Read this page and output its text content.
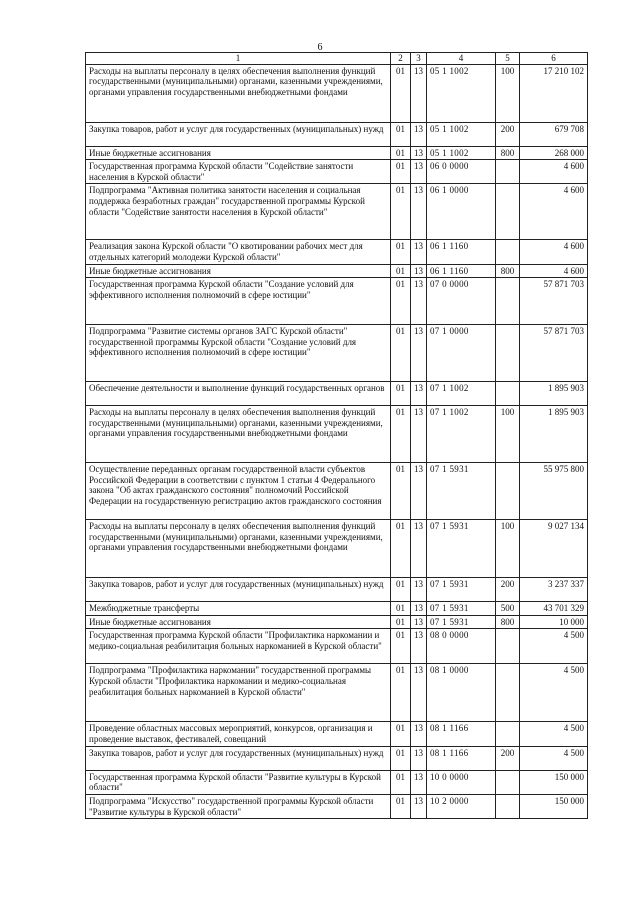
6
1	2	3	4	5	6
Расходы на выплаты персоналу в целях обеспечения выполнения функций государственными (муниципальными) органами, казенными учреждениями, органами управления государственными внебюджетными фондами	01	13	05 1 1002	100	17 210 102
Закупка товаров, работ и услуг для государственных (муниципальных) нужд	01	13	05 1 1002	200	679 708
Иные бюджетные ассигнования	01	13	05 1 1002	800	268 000
Государственная программа Курской области "Содействие занятости населения в Курской области"	01	13	06 0 0000		4 600
Подпрограмма "Активная политика занятости населения и социальная поддержка безработных граждан" государственной программы Курской области "Содействие занятости населения в Курской области"	01	13	06 1 0000		4 600
Реализация закона Курской области "О квотировании рабочих мест для отдельных категорий молодежи Курской области"	01	13	06 1 1160		4 600
Иные бюджетные ассигнования	01	13	06 1 1160	800	4 600
Государственная программа Курской области "Создание условий для эффективного исполнения полномочий в сфере юстиции"	01	13	07 0 0000		57 871 703
Подпрограмма "Развитие системы органов ЗАГС Курской области" государственной программы Курской области "Создание условий для эффективного исполнения полномочий в сфере юстиции"	01	13	07 1 0000		57 871 703
Обеспечение деятельности и выполнение функций государственных органов	01	13	07 1 1002		1 895 903
Расходы на выплаты персоналу в целях обеспечения выполнения функций государственными (муниципальными) органами, казенными учреждениями, органами управления государственными внебюджетными фондами	01	13	07 1 1002	100	1 895 903
Осуществление переданных органам государственной власти субъектов Российской Федерации в соответствии с пунктом 1 статьи 4 Федерального закона "Об актах гражданского состояния" полномочий Российской Федерации на государственную регистрацию актов гражданского состояния	01	13	07 1 5931		55 975 800
Расходы на выплаты персоналу в целях обеспечения выполнения функций государственными (муниципальными) органами, казенными учреждениями, органами управления государственными внебюджетными фондами	01	13	07 1 5931	100	9 027 134
Закупка товаров, работ и услуг для государственных (муниципальных) нужд	01	13	07 1 5931	200	3 237 337
Межбюджетные трансферты	01	13	07 1 5931	500	43 701 329
Иные бюджетные ассигнования	01	13	07 1 5931	800	10 000
Государственная программа Курской области "Профилактика наркомании и медико-социальная реабилитация больных наркоманией в Курской области"	01	13	08 0 0000		4 500
Подпрограмма "Профилактика наркомании" государственной программы Курской области "Профилактика наркомании и медико-социальная реабилитация больных наркоманией в Курской области"	01	13	08 1 0000		4 500
Проведение областных массовых мероприятий, конкурсов, организация и проведение выставок, фестивалей, совещаний	01	13	08 1 1166		4 500
Закупка товаров, работ и услуг для государственных (муниципальных) нужд	01	13	08 1 1166	200	4 500
Государственная программа Курской области "Развитие культуры в Курской области"	01	13	10 0 0000		150 000
Подпрограмма "Искусство" государственной программы Курской области "Развитие культуры в Курской области"	01	13	10 2 0000		150 000
